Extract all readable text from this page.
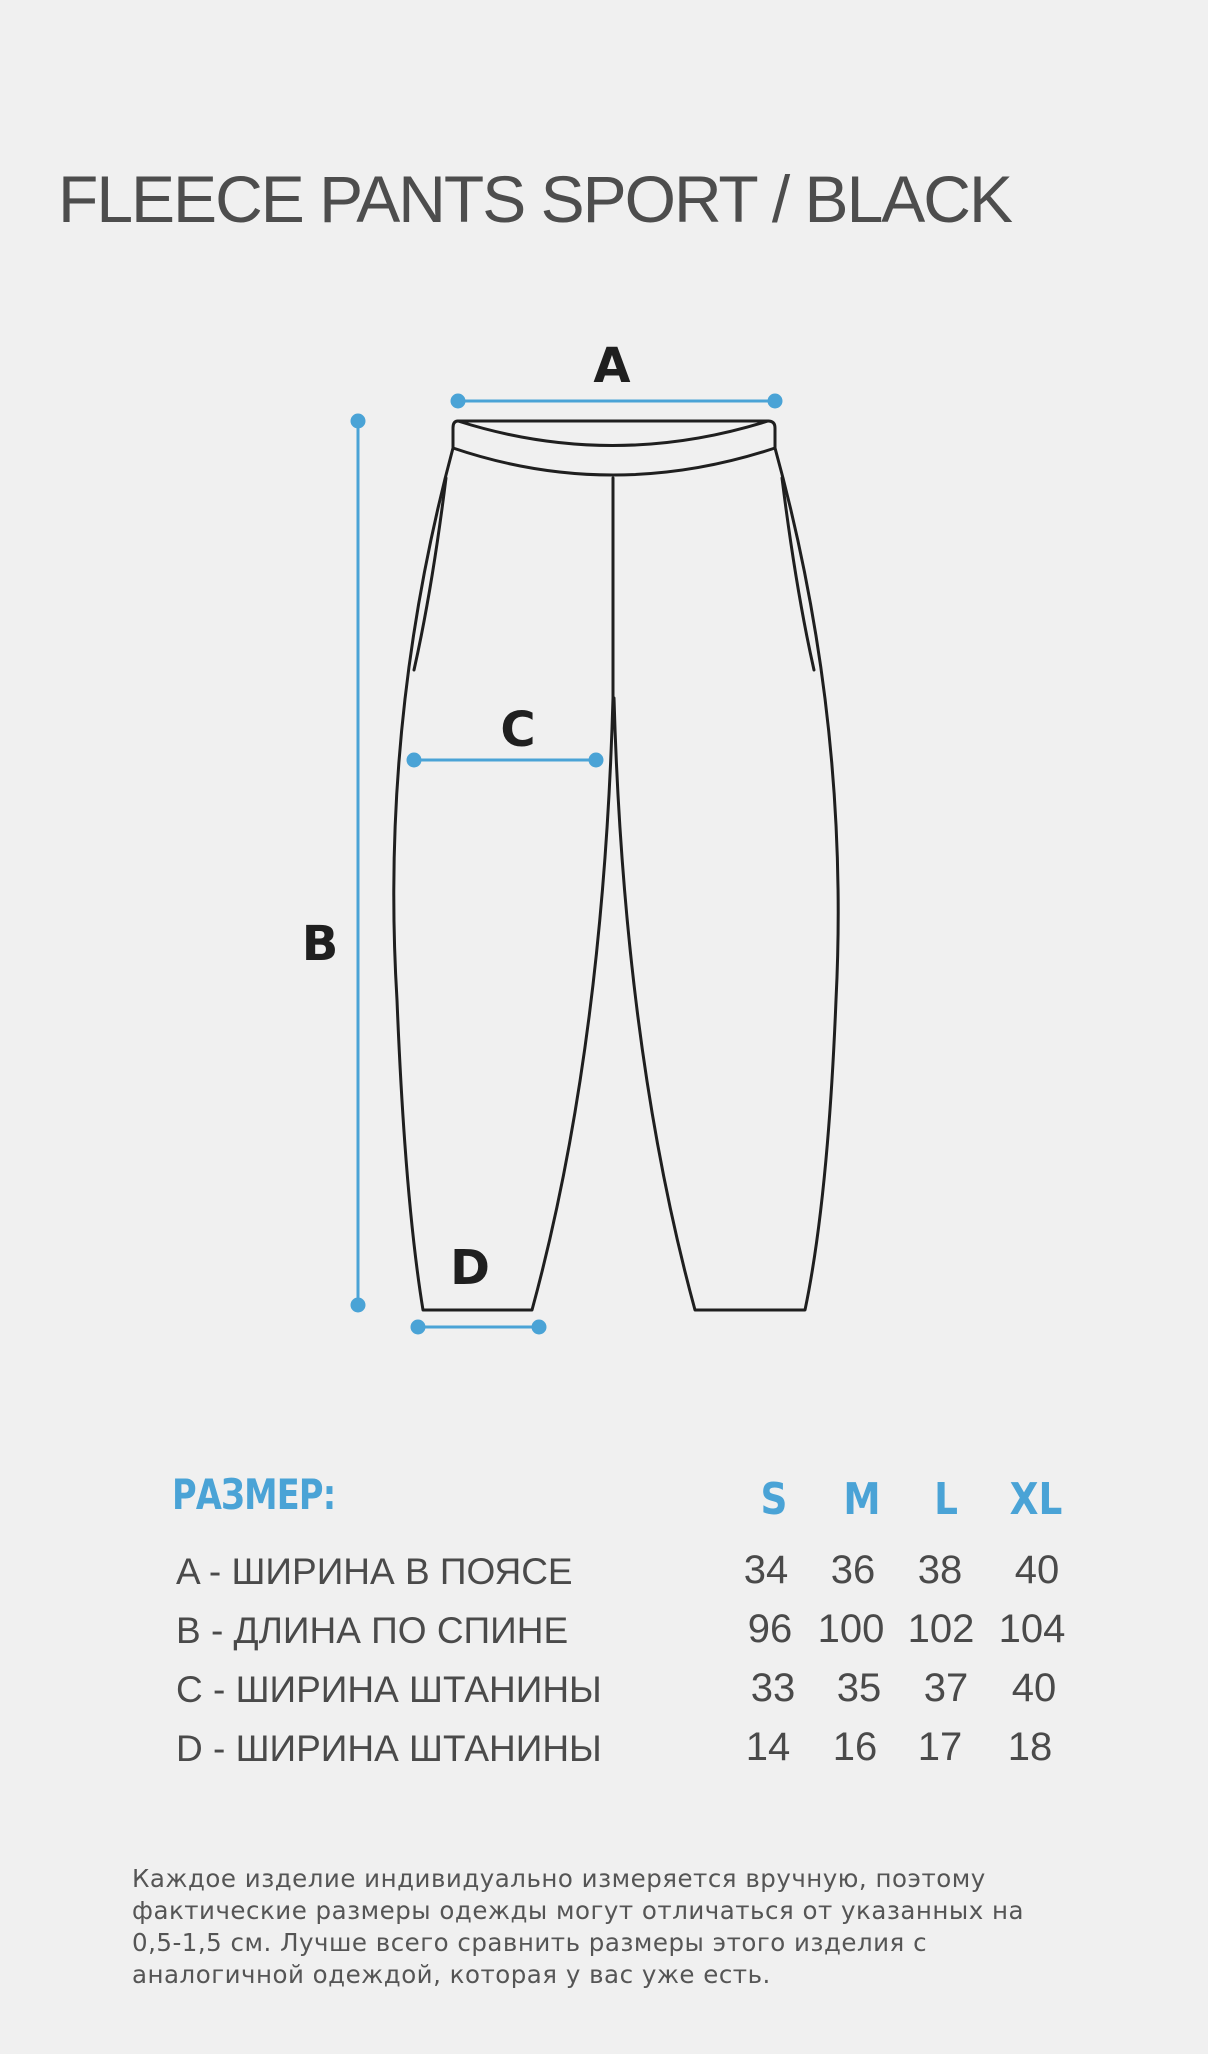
FLEECE PANTS SPORT / BLACK
A
B
C
D
РАЗМЕР:	S M L XL
A - ШИРИНА В ПОЯСЕ	34 36 38 40
B - ДЛИНА ПО СПИНЕ	96 100 102 104
C - ШИРИНА ШТАНИНЫ	33 35 37 40
D - ШИРИНА ШТАНИНЫ	14 16 17 18
Каждое изделие индивидуально измеряется вручную, поэтому фактические размеры одежды могут отличаться от указанных на 0,5-1,5 см. Лучше всего сравнить размеры этого изделия с аналогичной одеждой, которая у вас уже есть.
